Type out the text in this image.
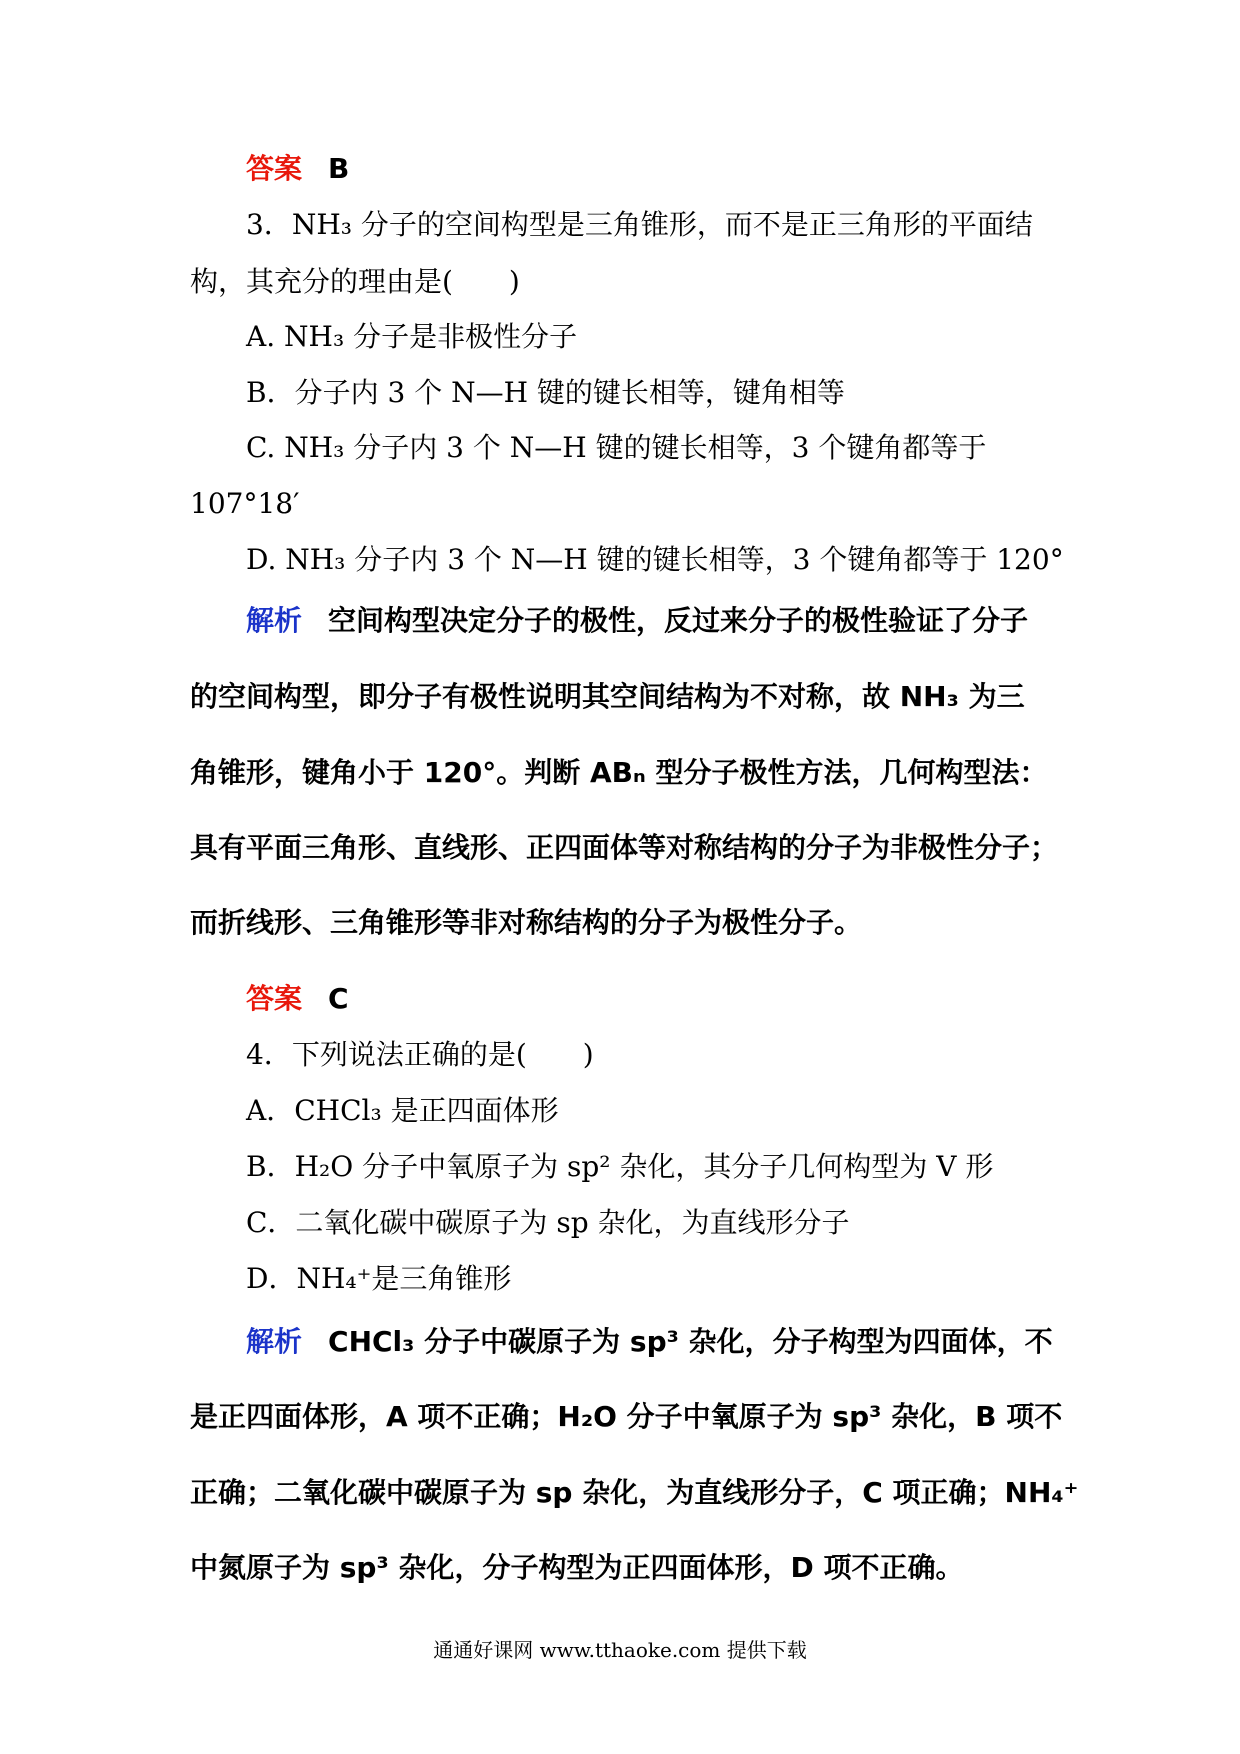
答案 B
3．NH₃ 分子的空间构型是三角锥形，而不是正三角形的平面结
构，其充分的理由是(　　)
A. NH₃ 分子是非极性分子
B．分子内 3 个 N—H 键的键长相等，键角相等
C. NH₃ 分子内 3 个 N—H 键的键长相等，3 个键角都等于
107°18′
D. NH₃ 分子内 3 个 N—H 键的键长相等，3 个键角都等于 120°
解析 空间构型决定分子的极性，反过来分子的极性验证了分子
的空间构型，即分子有极性说明其空间结构为不对称，故 NH₃ 为三
角锥形，键角小于 120°。判断 ABₙ 型分子极性方法，几何构型法：
具有平面三角形、直线形、正四面体等对称结构的分子为非极性分子；
而折线形、三角锥形等非对称结构的分子为极性分子。
答案 C
4．下列说法正确的是(　　)
A．CHCl₃ 是正四面体形
B．H₂O 分子中氧原子为 sp² 杂化，其分子几何构型为 V 形
C．二氧化碳中碳原子为 sp 杂化，为直线形分子
D．NH₄⁺是三角锥形
解析 CHCl₃ 分子中碳原子为 sp³ 杂化，分子构型为四面体，不
是正四面体形，A 项不正确；H₂O 分子中氧原子为 sp³ 杂化，B 项不
正确；二氧化碳中碳原子为 sp 杂化，为直线形分子，C 项正确；NH₄⁺
中氮原子为 sp³ 杂化，分子构型为正四面体形，D 项不正确。
通通好课网 www.tthaoke.com 提供下载
